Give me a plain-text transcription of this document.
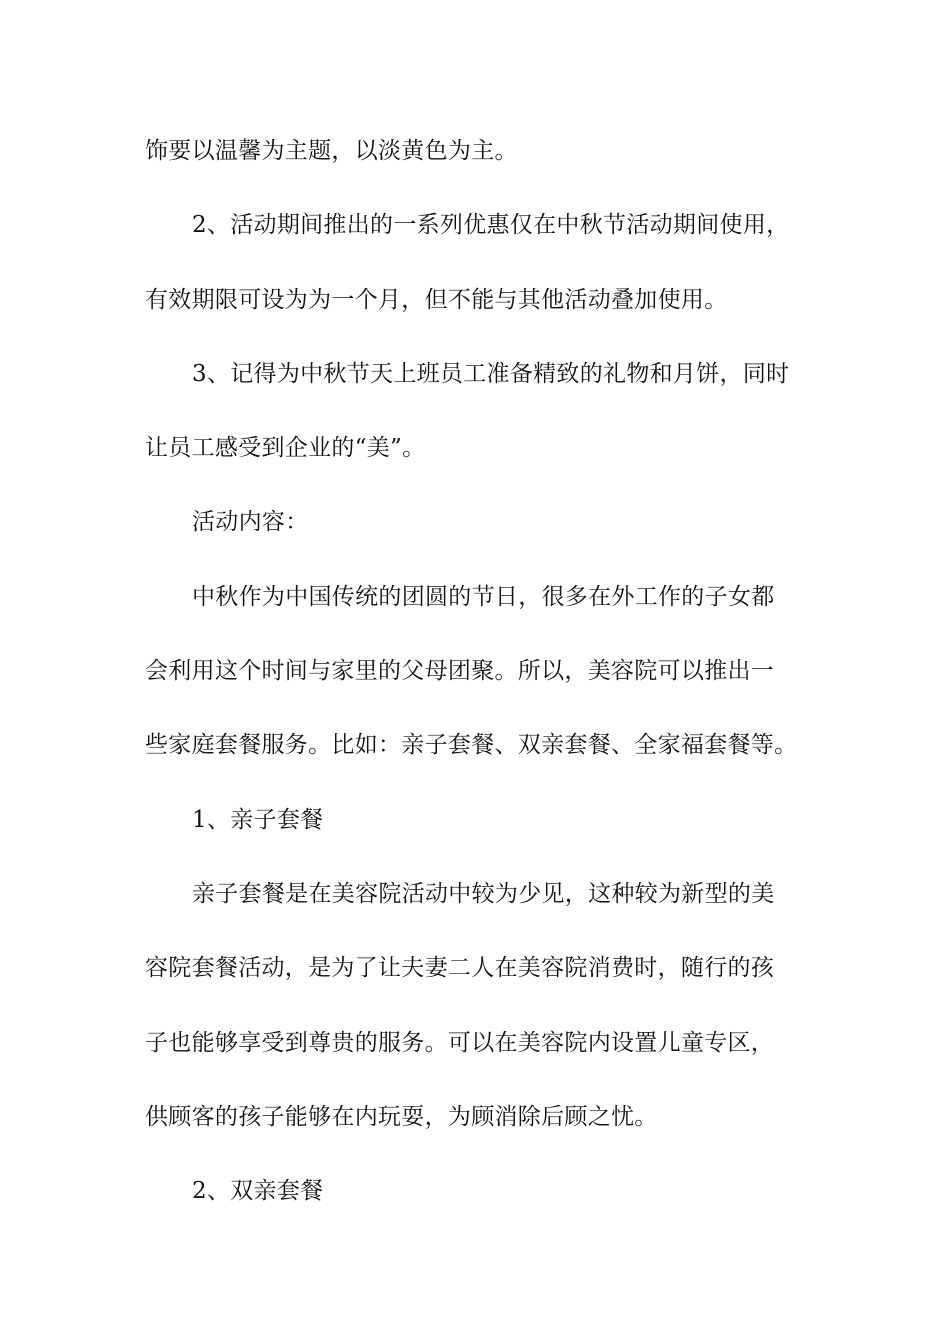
饰要以温馨为主题，以淡黄色为主。
2、活动期间推出的一系列优惠仅在中秋节活动期间使用，
有效期限可设为为一个月，但不能与其他活动叠加使用。
3、记得为中秋节天上班员工准备精致的礼物和月饼，同时
让员工感受到企业的“美”。
活动内容：
中秋作为中国传统的团圆的节日，很多在外工作的子女都
会利用这个时间与家里的父母团聚。所以，美容院可以推出一
些家庭套餐服务。比如：亲子套餐、双亲套餐、全家福套餐等。
1、亲子套餐
亲子套餐是在美容院活动中较为少见，这种较为新型的美
容院套餐活动，是为了让夫妻二人在美容院消费时，随行的孩
子也能够享受到尊贵的服务。可以在美容院内设置儿童专区，
供顾客的孩子能够在内玩耍，为顾消除后顾之忧。
2、双亲套餐
